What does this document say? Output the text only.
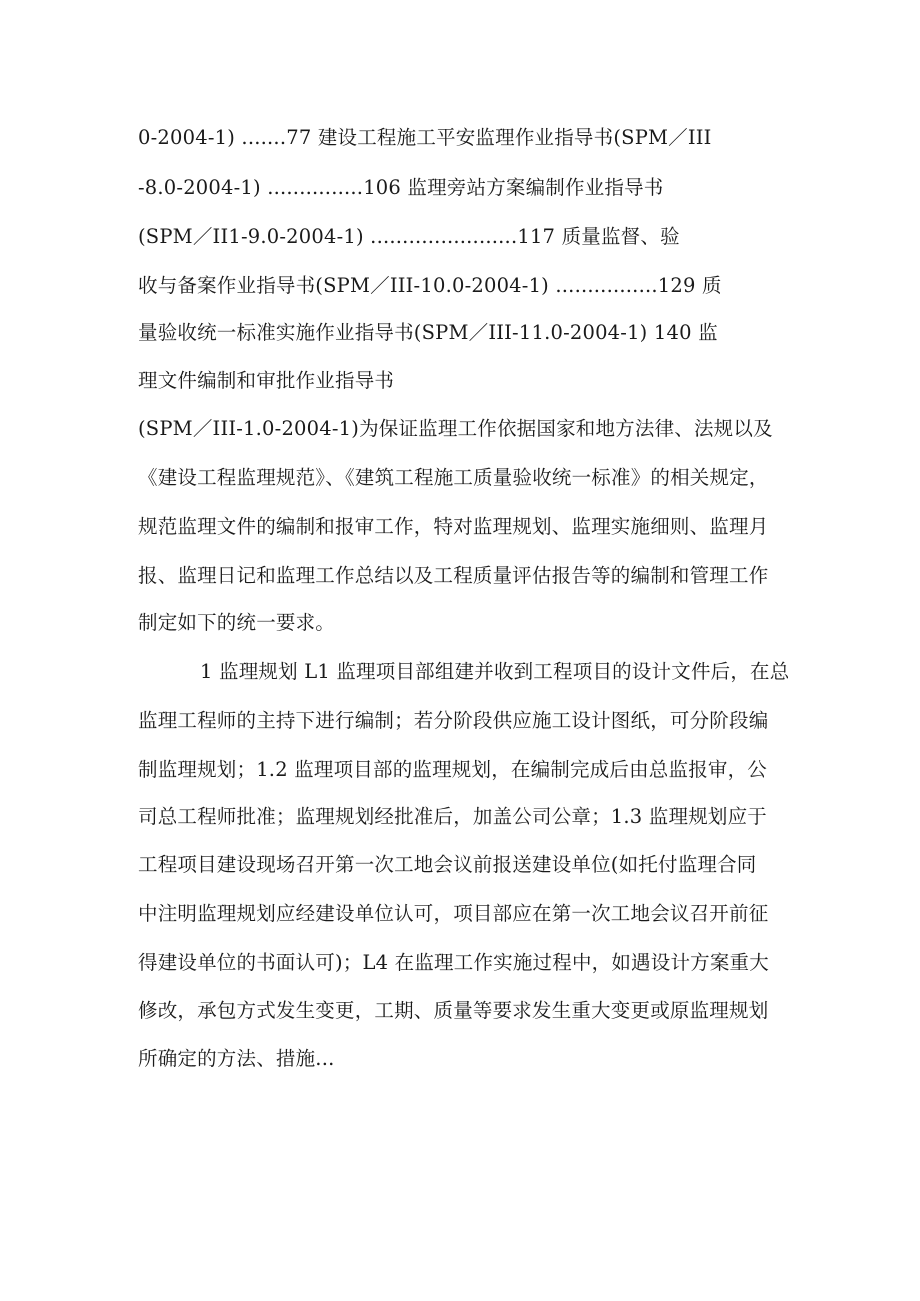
0-2004-1) .......77 建设工程施工平安监理作业指导书(SPM／III
-8.0-2004-1) ...............106 监理旁站方案编制作业指导书
(SPM／II1-9.0-2004-1) .......................117 质量监督、验
收与备案作业指导书(SPM／III-10.0-2004-1) ................129 质
量验收统一标准实施作业指导书(SPM／III-11.0-2004-1) 140 监
理文件编制和审批作业指导书
(SPM／III-1.0-2004-1)为保证监理工作依据国家和地方法律、法规以及
《建设工程监理规范》、《建筑工程施工质量验收统一标准》的相关规定，
规范监理文件的编制和报审工作，特对监理规划、监理实施细则、监理月
报、监理日记和监理工作总结以及工程质量评估报告等的编制和管理工作
制定如下的统一要求。
1 监理规划 L1 监理项目部组建并收到工程项目的设计文件后，在总
监理工程师的主持下进行编制；若分阶段供应施工设计图纸，可分阶段编
制监理规划；1.2 监理项目部的监理规划，在编制完成后由总监报审，公
司总工程师批准；监理规划经批准后，加盖公司公章；1.3 监理规划应于
工程项目建设现场召开第一次工地会议前报送建设单位(如托付监理合同
中注明监理规划应经建设单位认可，项目部应在第一次工地会议召开前征
得建设单位的书面认可)；L4 在监理工作实施过程中，如遇设计方案重大
修改，承包方式发生变更，工期、质量等要求发生重大变更或原监理规划
所确定的方法、措施...
